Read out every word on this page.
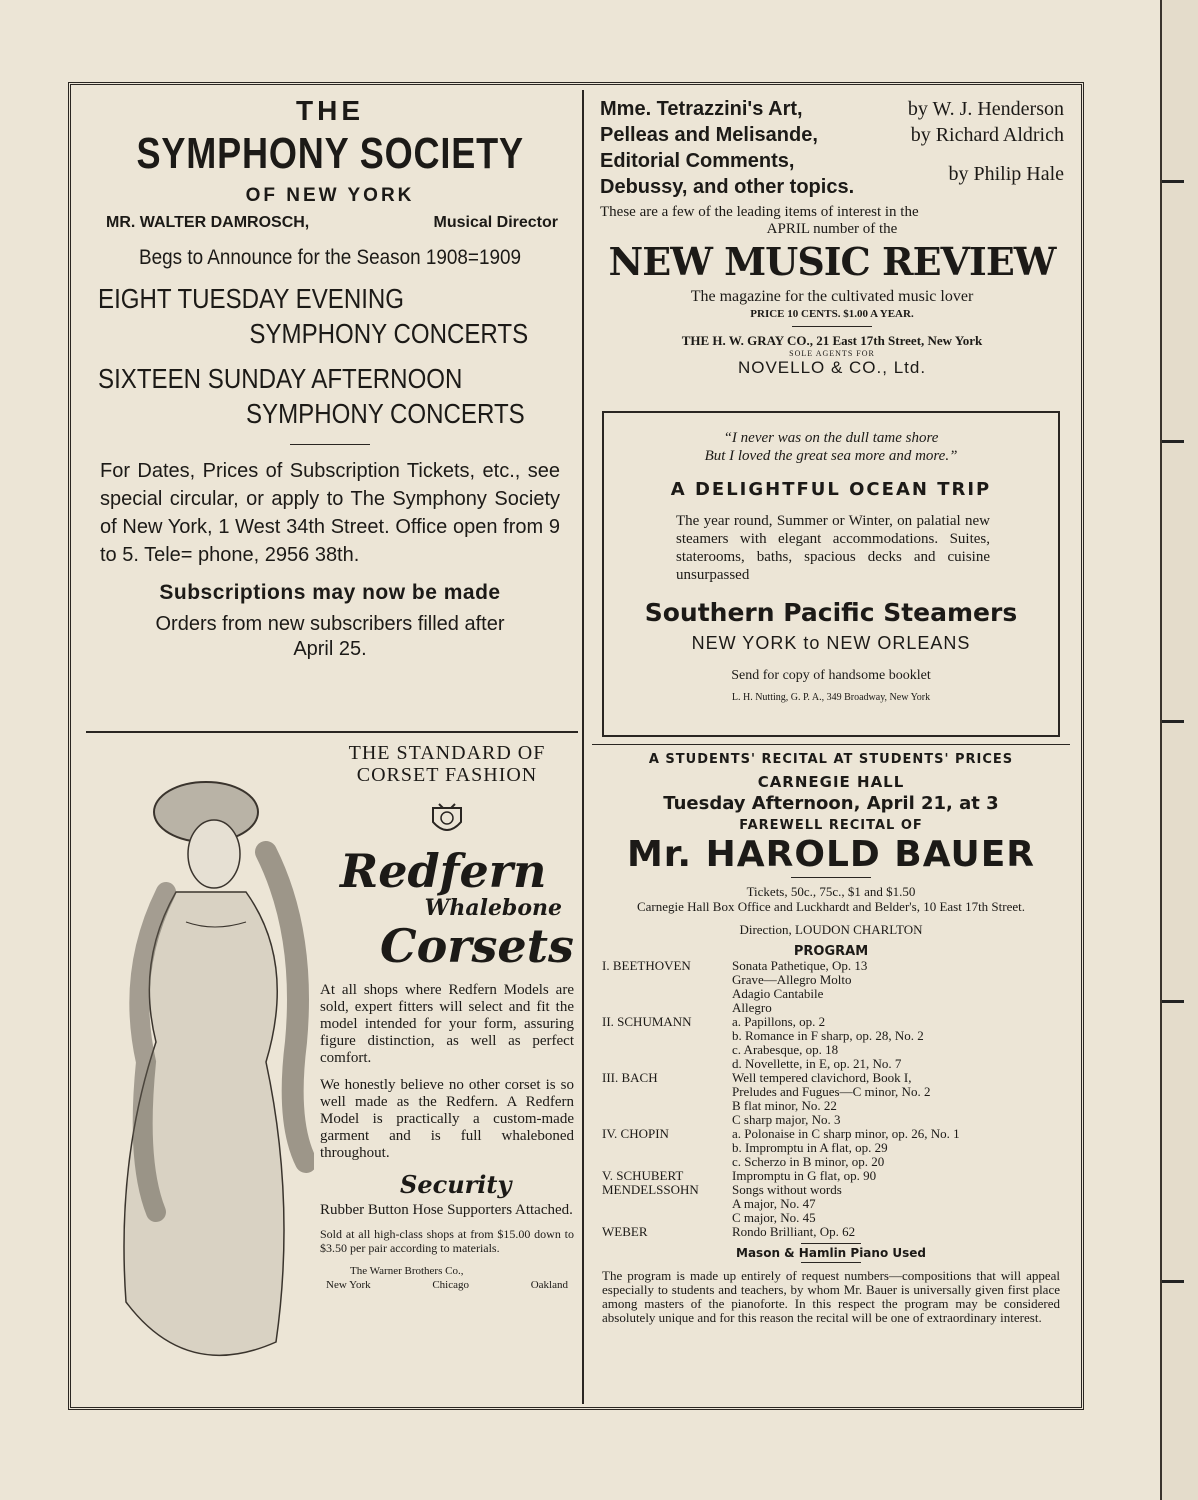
THE
SYMPHONY SOCIETY
OF NEW YORK
MR. WALTER DAMROSCH,	Musical Director
Begs to Announce for the Season 1908=1909
EIGHT TUESDAY EVENING
SYMPHONY CONCERTS
SIXTEEN SUNDAY AFTERNOON
SYMPHONY CONCERTS
For Dates, Prices of Subscription Tickets, etc., see special circular, or apply to The Symphony Society of New York, 1 West 34th Street. Office open from 9 to 5. Tele= phone, 2956 38th.
Subscriptions may now be made
Orders from new subscribers filled after
April 25.
Mme. Tetrazzini's Art,	by W. J. Henderson
Pelleas and Melisande,	by Richard Aldrich
Editorial Comments,
Debussy, and other topics.
by Philip Hale
These are a few of the leading items of interest in the
APRIL number of the
NEW MUSIC REVIEW
The magazine for the cultivated music lover
PRICE 10 CENTS. $1.00 A YEAR.
THE H. W. GRAY CO., 21 East 17th Street, New York
SOLE AGENTS FOR
NOVELLO & CO., Ltd.
“I never was on the dull tame shore
But I loved the great sea more and more.”
A DELIGHTFUL OCEAN TRIP
The year round, Summer or Winter, on palatial new steamers with elegant accommodations. Suites, staterooms, baths, spacious decks and cuisine unsurpassed
Southern Pacific Steamers
NEW YORK to NEW ORLEANS
Send for copy of handsome booklet
L. H. Nutting, G. P. A., 349 Broadway, New York
A STUDENTS' RECITAL AT STUDENTS' PRICES
CARNEGIE HALL
Tuesday Afternoon, April 21, at 3
FAREWELL RECITAL OF
Mr. HAROLD BAUER
Tickets, 50c., 75c., $1 and $1.50
Carnegie Hall Box Office and Luckhardt and Belder's, 10 East 17th Street.
Direction, LOUDON CHARLTON
PROGRAM
I. BEETHOVEN	Sonata Pathetique, Op. 13
Grave—Allegro Molto
Adagio Cantabile
Allegro
II. SCHUMANN	a. Papillons, op. 2
b. Romance in F sharp, op. 28, No. 2
c. Arabesque, op. 18
d. Novellette, in E, op. 21, No. 7
III. BACH	Well tempered clavichord, Book I,
Preludes and Fugues—C minor, No. 2
B flat minor, No. 22
C sharp major, No. 3
IV. CHOPIN	a. Polonaise in C sharp minor, op. 26, No. 1
b. Impromptu in A flat, op. 29
c. Scherzo in B minor, op. 20
V. SCHUBERT	Impromptu in G flat, op. 90
MENDELSSOHN	Songs without words
A major, No. 47
C major, No. 45
WEBER	Rondo Brilliant, Op. 62
Mason & Hamlin Piano Used
The program is made up entirely of request numbers—compositions that will appeal especially to students and teachers, by whom Mr. Bauer is universally given first place among masters of the pianoforte. In this respect the program may be considered absolutely unique and for this reason the recital will be one of extraordinary interest.
THE STANDARD OF
CORSET FASHION
Redfern
Whalebone
Corsets
At all shops where Redfern Models are sold, expert fitters will select and fit the model intended for your form, assuring figure distinction, as well as perfect comfort.
We honestly believe no other corset is so well made as the Redfern. A Redfern Model is practically a custom-made garment and is full whaleboned throughout.
Security
Rubber Button Hose Supporters Attached.
Sold at all high-class shops at from $15.00 down to $3.50 per pair according to materials.
The Warner Brothers Co.,
New York	Chicago	Oakland
